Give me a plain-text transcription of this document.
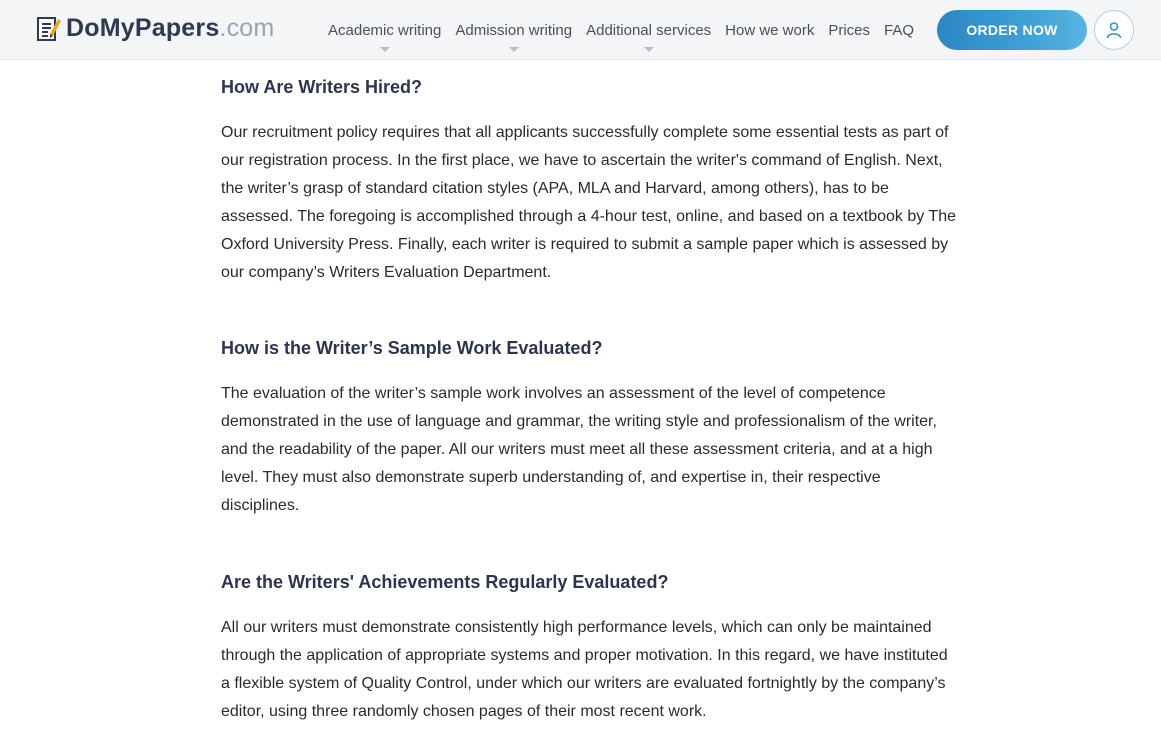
DoMyPapers.com	Academic writing Admission writing Additional services How we work Prices FAQ	ORDER NOW
How Are Writers Hired?

Our recruitment policy requires that all applicants successfully complete some essential tests as part of our registration process. In the first place, we have to ascertain the writer's command of English. Next, the writer’s grasp of standard citation styles (APA, MLA and Harvard, among others), has to be assessed. The foregoing is accomplished through a 4-hour test, online, and based on a textbook by The Oxford University Press. Finally, each writer is required to submit a sample paper which is assessed by our company’s Writers Evaluation Department.

How is the Writer’s Sample Work Evaluated?

The evaluation of the writer’s sample work involves an assessment of the level of competence demonstrated in the use of language and grammar, the writing style and professionalism of the writer, and the readability of the paper. All our writers must meet all these assessment criteria, and at a high level. They must also demonstrate superb understanding of, and expertise in, their respective disciplines.

Are the Writers' Achievements Regularly Evaluated?

All our writers must demonstrate consistently high performance levels, which can only be maintained through the application of appropriate systems and proper motivation. In this regard, we have instituted a flexible system of Quality Control, under which our writers are evaluated fortnightly by the company’s editor, using three randomly chosen pages of their most recent work.
